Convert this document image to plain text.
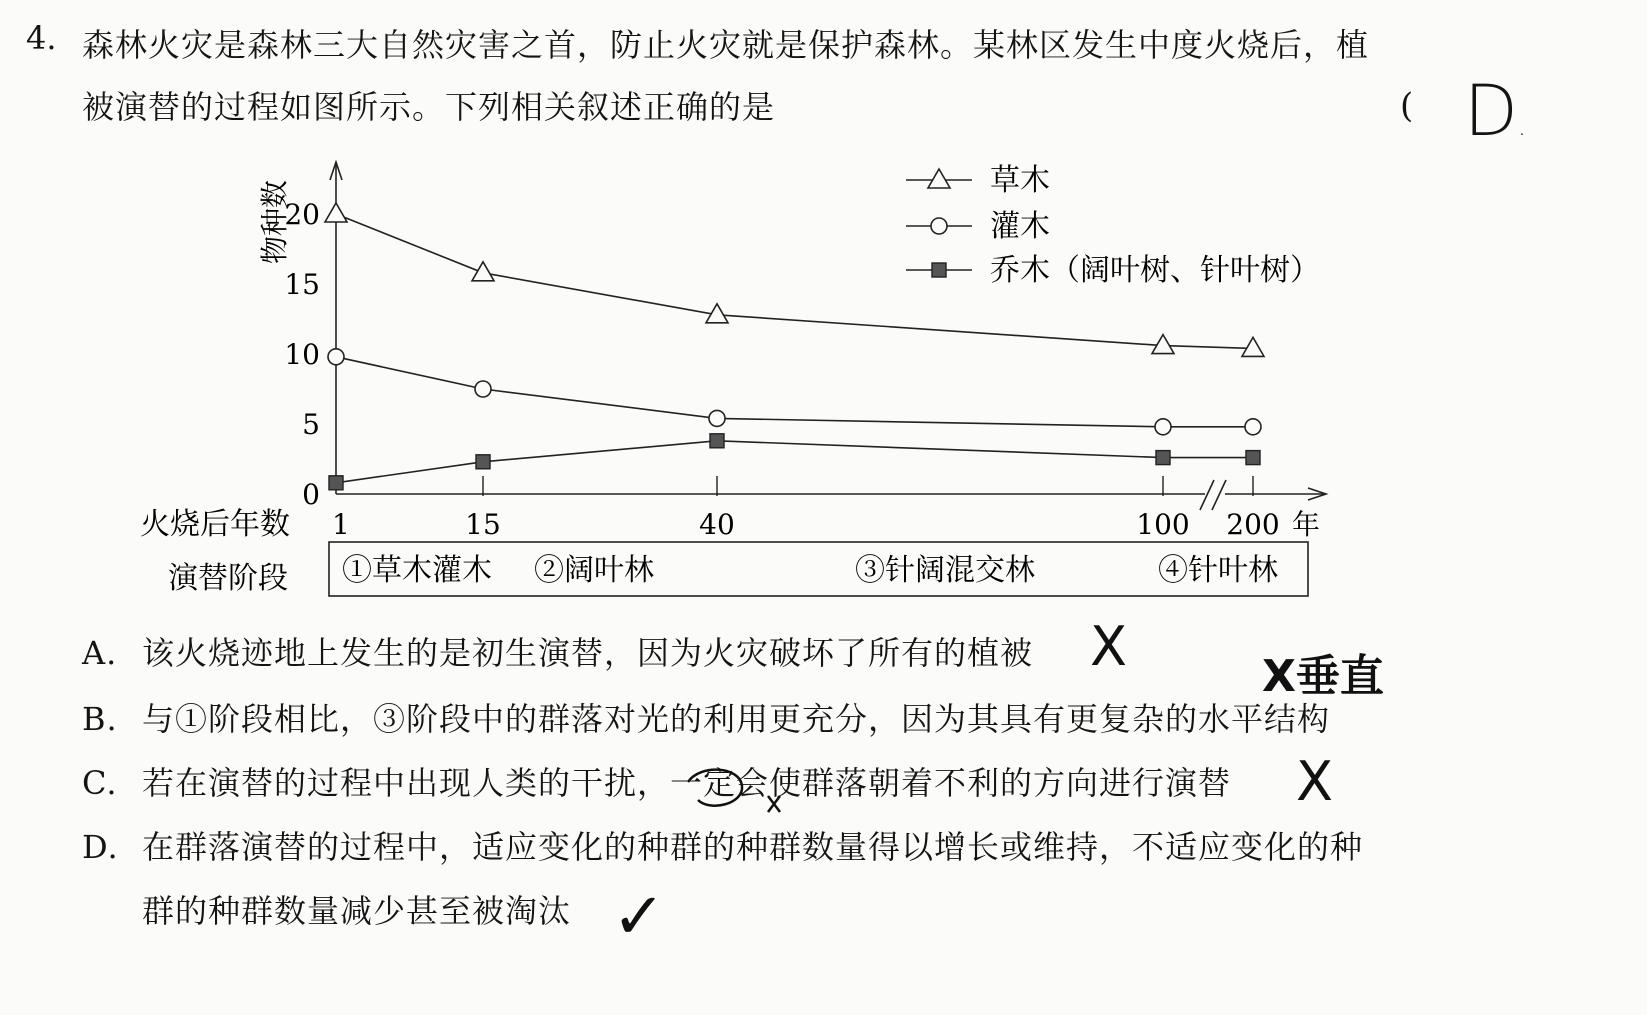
4. 森林火灾是森林三大自然灾害之首，防止火灾就是保护森林。某林区发生中度火烧后，植
被演替的过程如图所示。下列相关叙述正确的是	( D.
草木
灌木
乔木（阔叶树、针叶树）
0
5
10
15
20
物种数
火烧后年数 1	15	40	100 200 年
演替阶段 ①草木灌木 ②阔叶林	③针阔混交林	④针叶林
A. 该火烧迹地上发生的是初生演替，因为火灾破坏了所有的植被
B. 与①阶段相比，③阶段中的群落对光的利用更充分，因为其具有更复杂的水平结构
C. 若在演替的过程中出现人类的干扰，一定会使群落朝着不利的方向进行演替
D. 在群落演替的过程中，适应变化的种群的种群数量得以增长或维持，不适应变化的种
群的种群数量减少甚至被淘汰
X	X垂直
X
✓
